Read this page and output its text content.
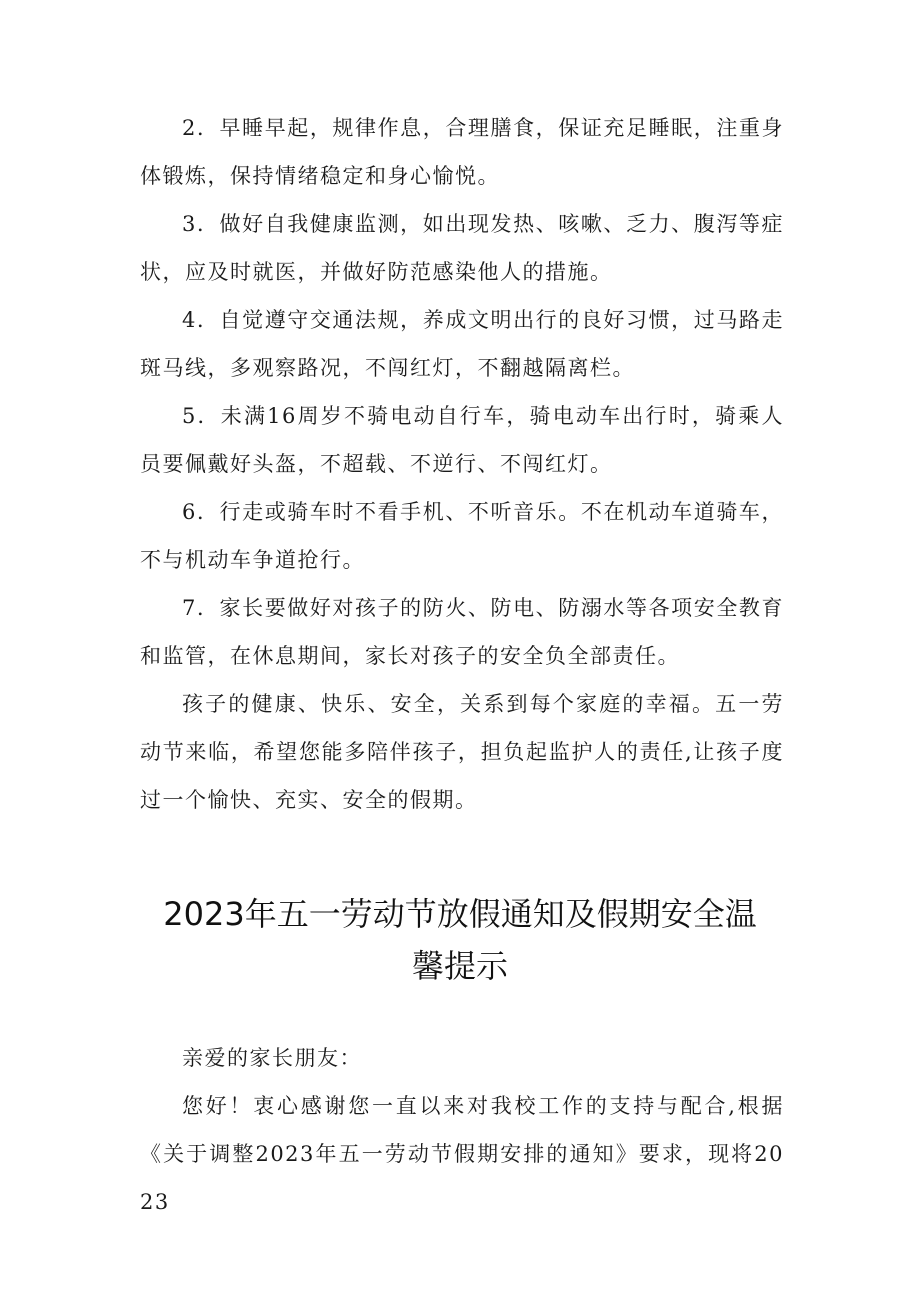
2．早睡早起，规律作息，合理膳食，保证充足睡眠，注重身体锻炼，保持情绪稳定和身心愉悦。

3．做好自我健康监测，如出现发热、咳嗽、乏力、腹泻等症状，应及时就医，并做好防范感染他人的措施。

4．自觉遵守交通法规，养成文明出行的良好习惯，过马路走斑马线，多观察路况，不闯红灯，不翻越隔离栏。

5．未满16周岁不骑电动自行车，骑电动车出行时，骑乘人员要佩戴好头盔，不超载、不逆行、不闯红灯。

6．行走或骑车时不看手机、不听音乐。不在机动车道骑车，不与机动车争道抢行。

7．家长要做好对孩子的防火、防电、防溺水等各项安全教育和监管，在休息期间，家长对孩子的安全负全部责任。

孩子的健康、快乐、安全，关系到每个家庭的幸福。五一劳动节来临，希望您能多陪伴孩子，担负起监护人的责任,让孩子度过一个愉快、充实、安全的假期。

2023年五一劳动节放假通知及假期安全温
馨提示

亲爱的家长朋友：

您好！衷心感谢您一直以来对我校工作的支持与配合,根据《关于调整2023年五一劳动节假期安排的通知》要求，现将2023
